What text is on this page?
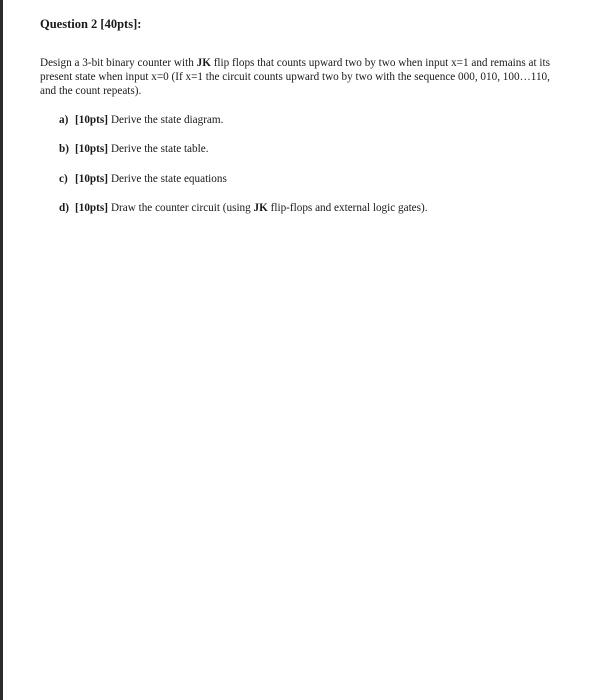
Question 2 [40pts]:

Design a 3-bit binary counter with JK flip flops that counts upward two by two when input x=1 and remains at its present state when input x=0 (If x=1 the circuit counts upward two by two with the sequence 000, 010, 100…110, and the count repeats).

a) [10pts] Derive the state diagram.
b) [10pts] Derive the state table.
c) [10pts] Derive the state equations
d) [10pts] Draw the counter circuit (using JK flip-flops and external logic gates).
